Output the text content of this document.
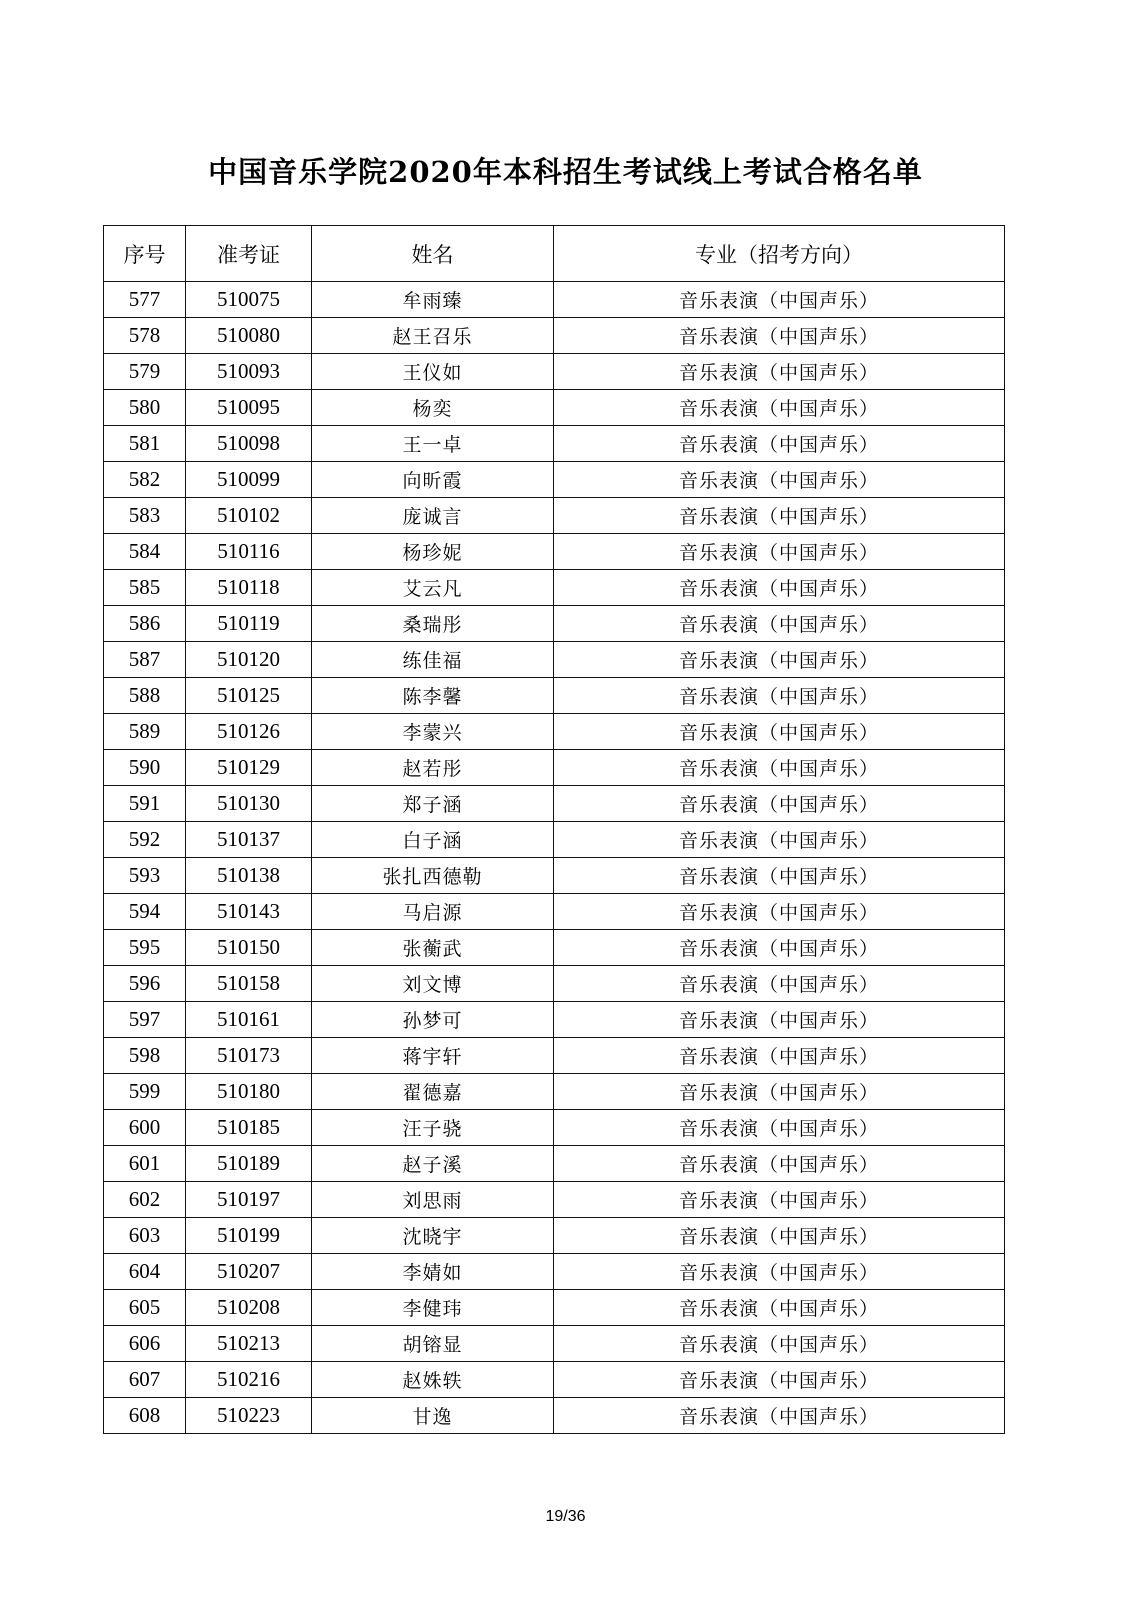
中国音乐学院2020年本科招生考试线上考试合格名单
序号	准考证	姓名	专业（招考方向）
577	510075	牟雨臻	音乐表演（中国声乐）
578	510080	赵王召乐	音乐表演（中国声乐）
579	510093	王仪如	音乐表演（中国声乐）
580	510095	杨奕	音乐表演（中国声乐）
581	510098	王一卓	音乐表演（中国声乐）
582	510099	向昕霞	音乐表演（中国声乐）
583	510102	庞诚言	音乐表演（中国声乐）
584	510116	杨珍妮	音乐表演（中国声乐）
585	510118	艾云凡	音乐表演（中国声乐）
586	510119	桑瑞彤	音乐表演（中国声乐）
587	510120	练佳福	音乐表演（中国声乐）
588	510125	陈李馨	音乐表演（中国声乐）
589	510126	李蒙兴	音乐表演（中国声乐）
590	510129	赵若彤	音乐表演（中国声乐）
591	510130	郑子涵	音乐表演（中国声乐）
592	510137	白子涵	音乐表演（中国声乐）
593	510138	张扎西德勒	音乐表演（中国声乐）
594	510143	马启源	音乐表演（中国声乐）
595	510150	张蘅武	音乐表演（中国声乐）
596	510158	刘文博	音乐表演（中国声乐）
597	510161	孙梦可	音乐表演（中国声乐）
598	510173	蒋宇轩	音乐表演（中国声乐）
599	510180	翟德嘉	音乐表演（中国声乐）
600	510185	汪子骁	音乐表演（中国声乐）
601	510189	赵子溪	音乐表演（中国声乐）
602	510197	刘思雨	音乐表演（中国声乐）
603	510199	沈晓宇	音乐表演（中国声乐）
604	510207	李婧如	音乐表演（中国声乐）
605	510208	李健玮	音乐表演（中国声乐）
606	510213	胡镕显	音乐表演（中国声乐）
607	510216	赵姝轶	音乐表演（中国声乐）
608	510223	甘逸	音乐表演（中国声乐）
19/36
